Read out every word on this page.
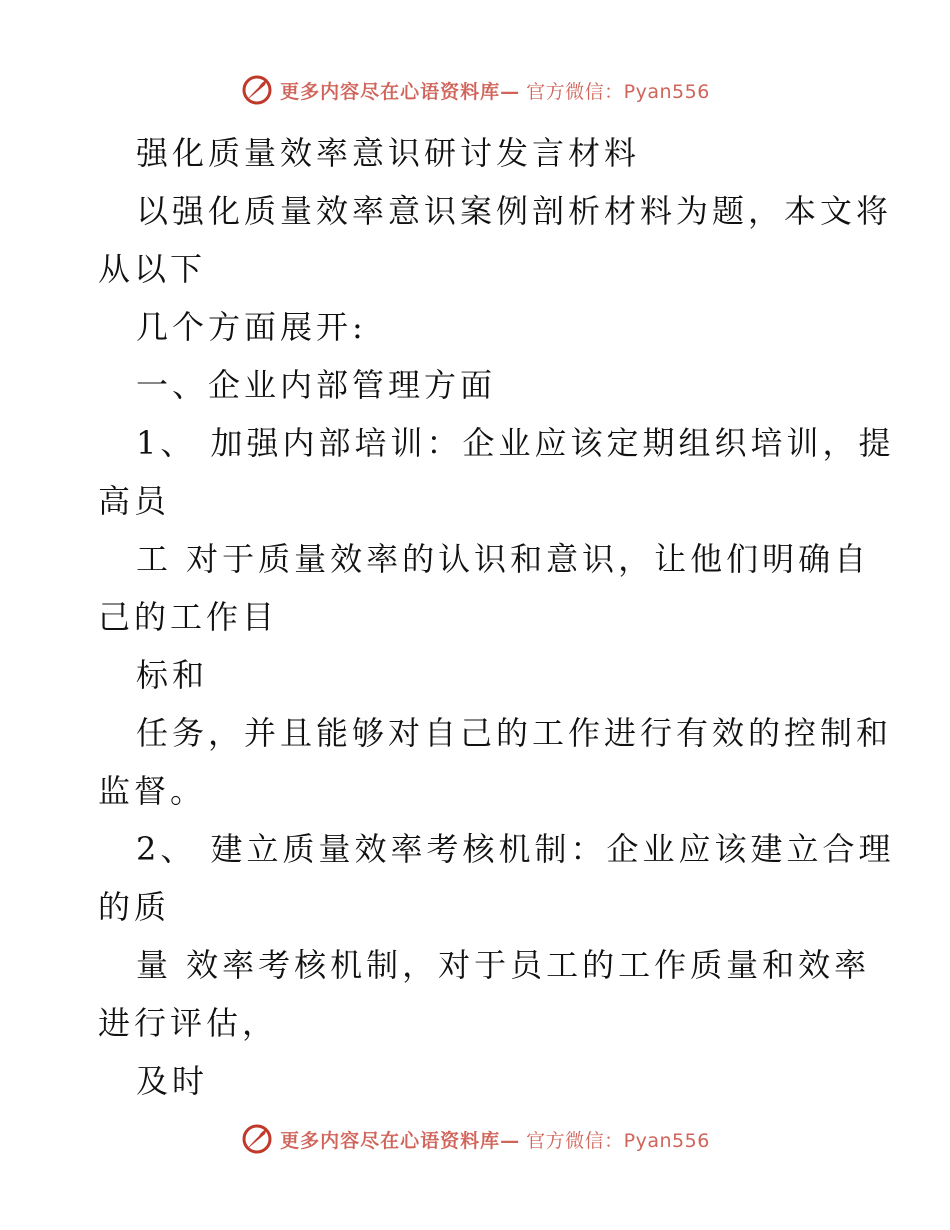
更多内容尽在心语资料库— 官方微信：Pyan556
强化质量效率意识研讨发言材料
以强化质量效率意识案例剖析材料为题，本文将
从以下
几个方面展开:
一、企业内部管理方面
1、 加强内部培训：企业应该定期组织培训，提
高员
工 对于质量效率的认识和意识，让他们明确自
己的工作目
标和
任务，并且能够对自己的工作进行有效的控制和
监督。
2、 建立质量效率考核机制：企业应该建立合理
的质
量 效率考核机制，对于员工的工作质量和效率
进行评估，
及时
更多内容尽在心语资料库— 官方微信：Pyan556
